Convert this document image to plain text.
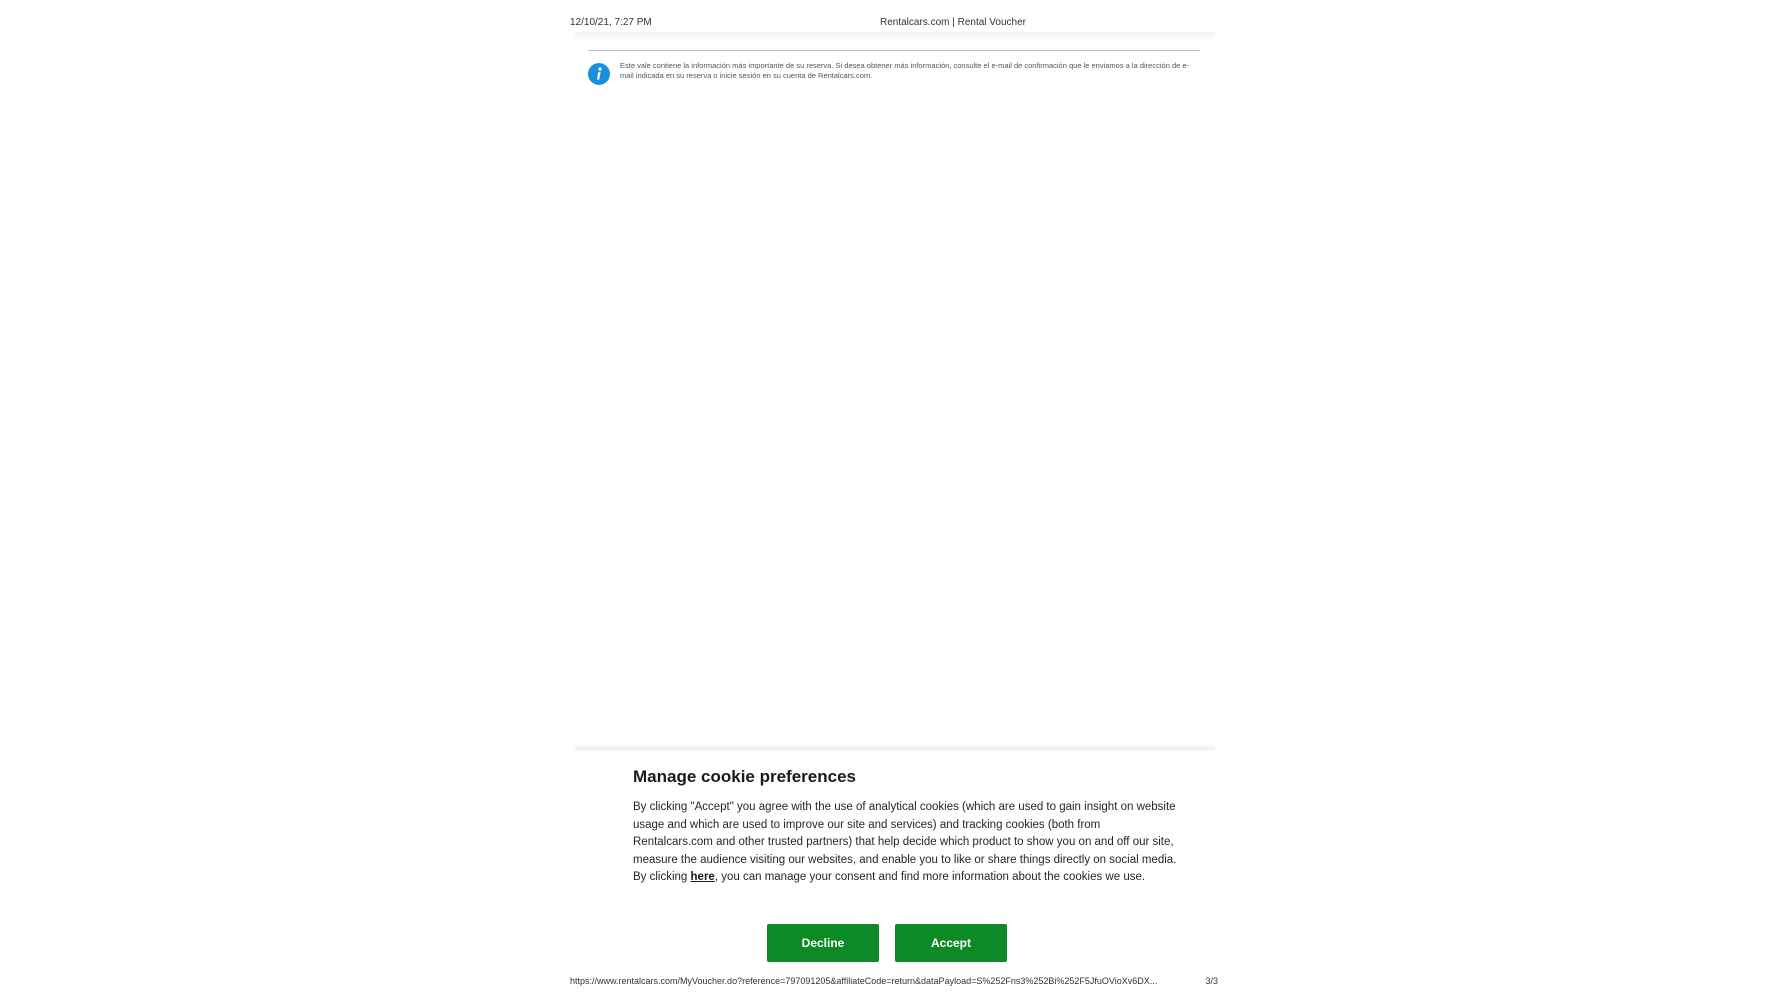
12/10/21, 7:27 PM	Rentalcars.com | Rental Voucher
Este vale contiene la información más importante de su reserva. Si desea obtener más información, consulte el e-mail de confirmación que le enviamos a la dirección de e-mail indicada en su reserva o inicie sesión en su cuenta de Rentalcars.com.
Manage cookie preferences
By clicking "Accept" you agree with the use of analytical cookies (which are used to gain insight on website usage and which are used to improve our site and services) and tracking cookies (both from Rentalcars.com and other trusted partners) that help decide which product to show you on and off our site, measure the audience visiting our websites, and enable you to like or share things directly on social media. By clicking here, you can manage your consent and find more information about the cookies we use.
Decline	Accept
https://www.rentalcars.com/MyVoucher.do?reference=797091205&affiliateCode=return&dataPayload=S%252Fns3%252Bi%252F5JfuOVioXv6DX...	3/3
